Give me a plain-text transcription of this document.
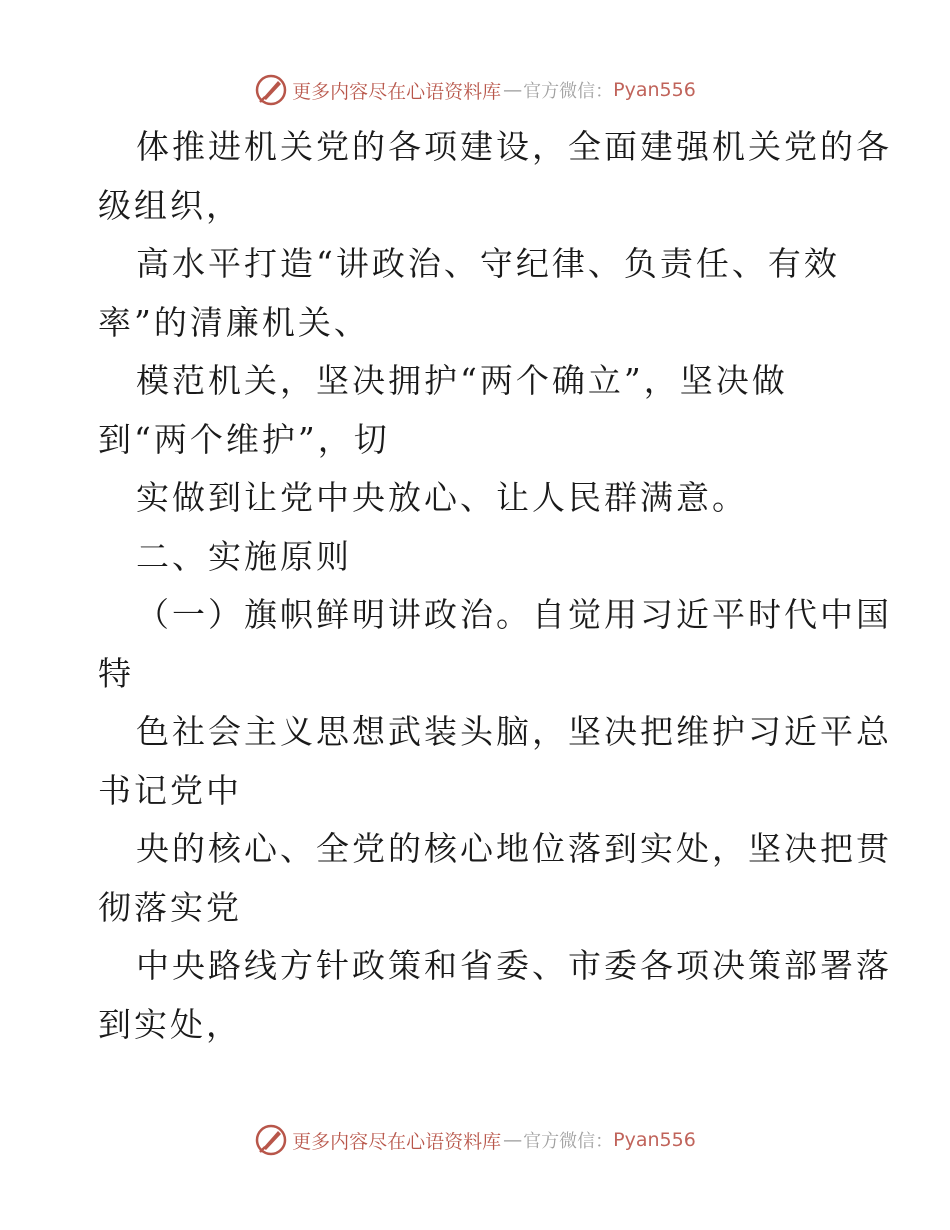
更多内容尽在心语资料库 — 官方微信： Pyan556
体推进机关党的各项建设，全面建强机关党的各
级组织，
高水平打造“讲政治、守纪律、负责任、有效
率”的清廉机关、
模范机关，坚决拥护“两个确立”，坚决做
到“两个维护”，切
实做到让党中央放心、让人民群满意。
二、实施原则
（一）旗帜鲜明讲政治。自觉用习近平时代中国
特
色社会主义思想武装头脑，坚决把维护习近平总
书记党中
央的核心、全党的核心地位落到实处，坚决把贯
彻落实党
中央路线方针政策和省委、市委各项决策部署落
到实处，
更多内容尽在心语资料库 — 官方微信： Pyan556
